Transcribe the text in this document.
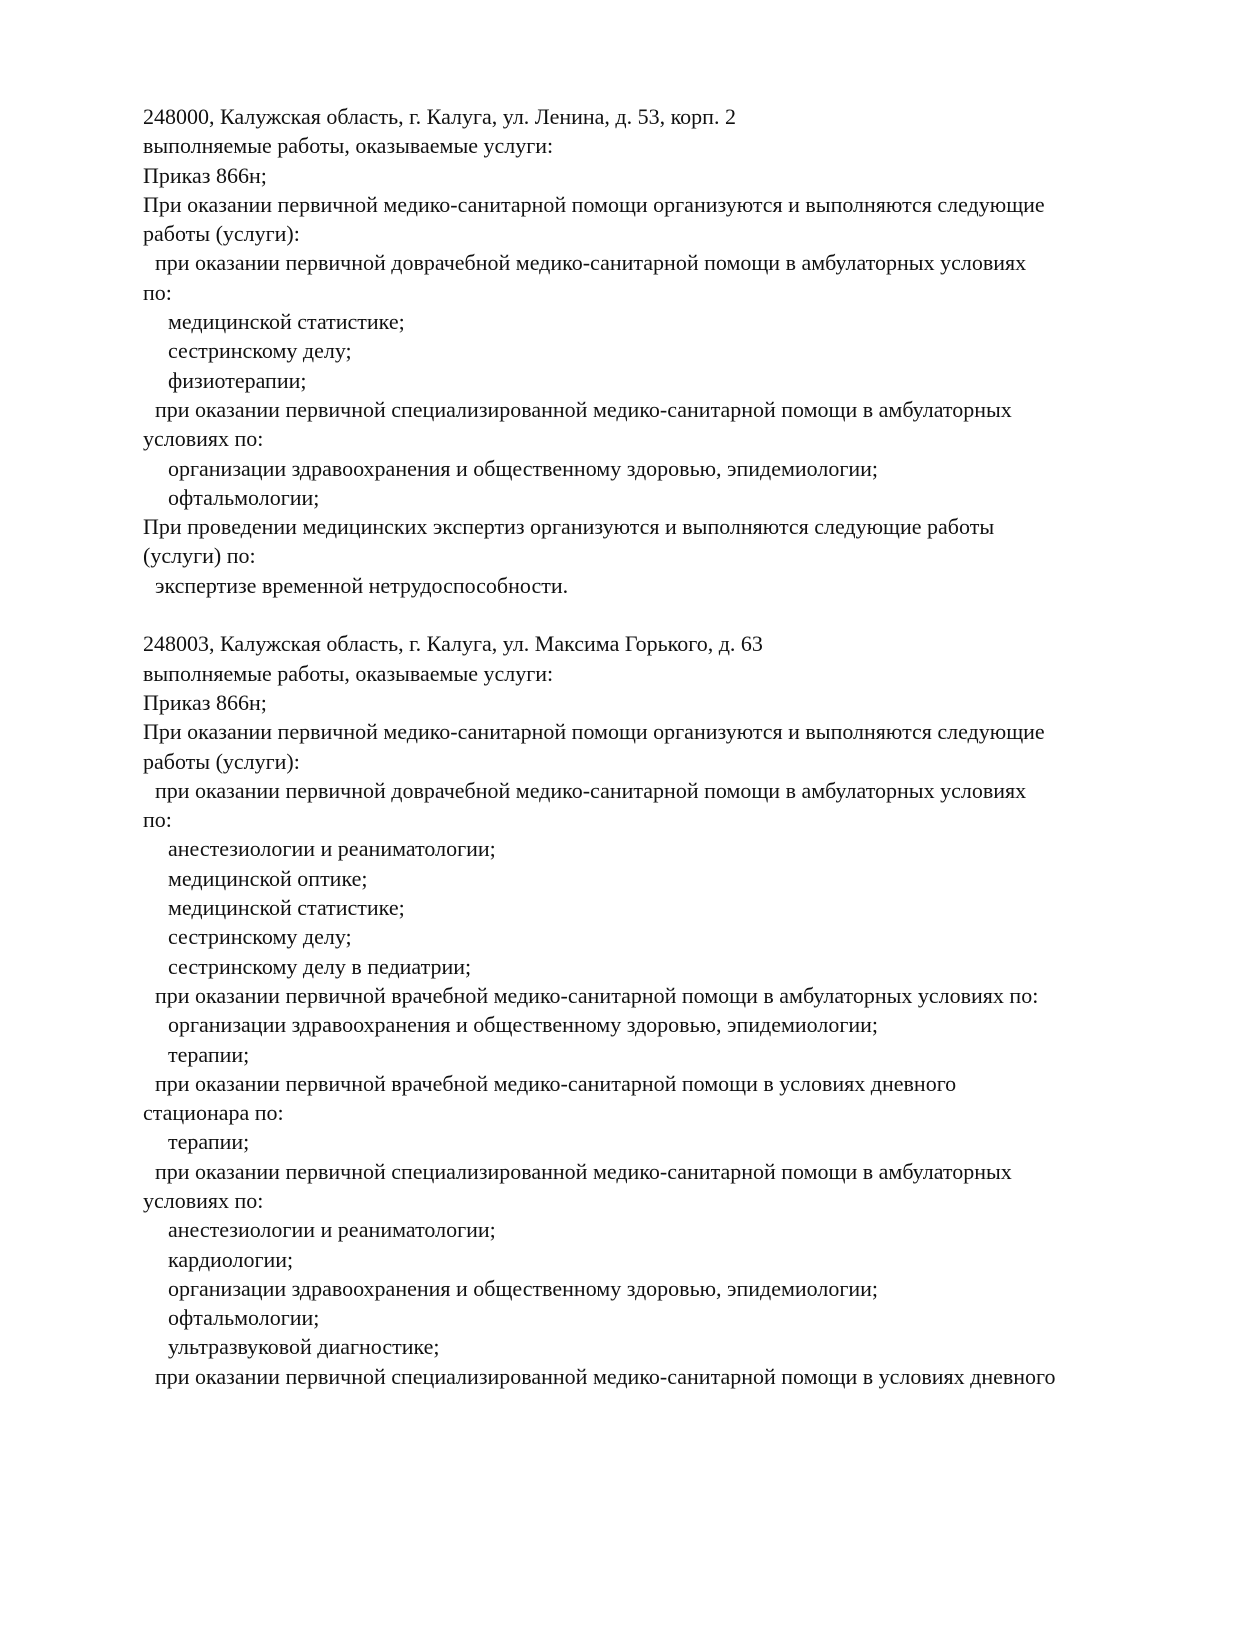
248000, Калужская область, г. Калуга, ул. Ленина, д. 53, корп. 2
выполняемые работы, оказываемые услуги:
Приказ 866н;
При оказании первичной медико-санитарной помощи организуются и выполняются следующие
работы (услуги):
при оказании первичной доврачебной медико-санитарной помощи в амбулаторных условиях
по:
медицинской статистике;
сестринскому делу;
физиотерапии;
при оказании первичной специализированной медико-санитарной помощи в амбулаторных
условиях по:
организации здравоохранения и общественному здоровью, эпидемиологии;
офтальмологии;
При проведении медицинских экспертиз организуются и выполняются следующие работы
(услуги) по:
экспертизе временной нетрудоспособности.
248003, Калужская область, г. Калуга, ул. Максима Горького, д. 63
выполняемые работы, оказываемые услуги:
Приказ 866н;
При оказании первичной медико-санитарной помощи организуются и выполняются следующие
работы (услуги):
при оказании первичной доврачебной медико-санитарной помощи в амбулаторных условиях
по:
анестезиологии и реаниматологии;
медицинской оптике;
медицинской статистике;
сестринскому делу;
сестринскому делу в педиатрии;
при оказании первичной врачебной медико-санитарной помощи в амбулаторных условиях по:
организации здравоохранения и общественному здоровью, эпидемиологии;
терапии;
при оказании первичной врачебной медико-санитарной помощи в условиях дневного
стационара по:
терапии;
при оказании первичной специализированной медико-санитарной помощи в амбулаторных
условиях по:
анестезиологии и реаниматологии;
кардиологии;
организации здравоохранения и общественному здоровью, эпидемиологии;
офтальмологии;
ультразвуковой диагностике;
при оказании первичной специализированной медико-санитарной помощи в условиях дневного
